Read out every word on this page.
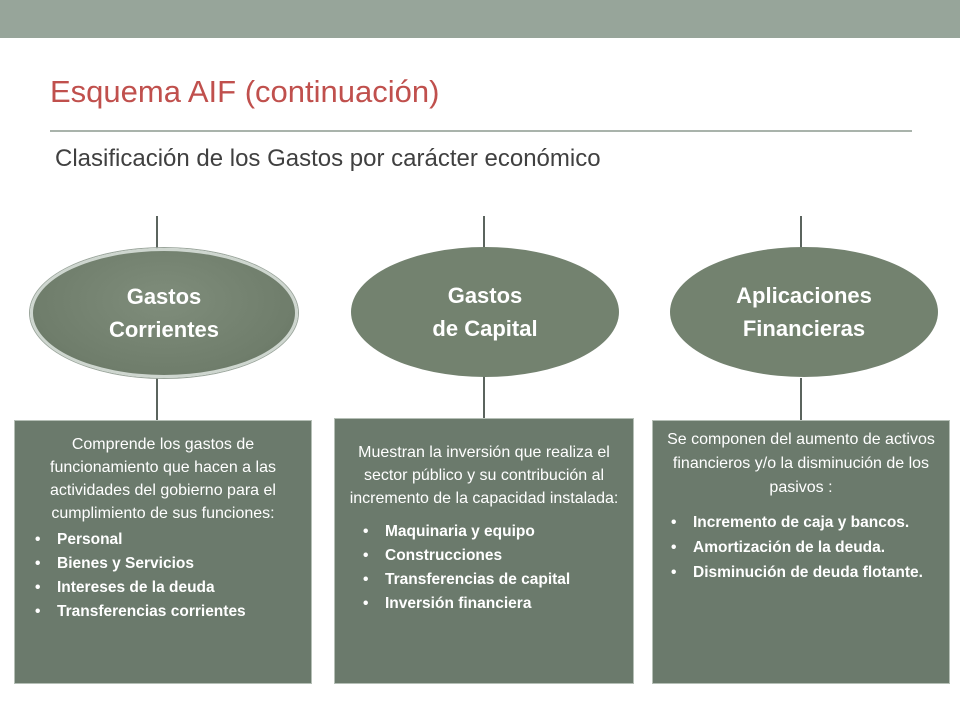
Esquema AIF (continuación)
Clasificación de los Gastos por carácter económico
Gastos
Corrientes
Gastos
de Capital
Aplicaciones
Financieras
Comprende los gastos de funcionamiento que hacen a las actividades del gobierno para el cumplimiento de sus funciones:
• Personal
• Bienes y Servicios
• Intereses de la deuda
• Transferencias corrientes
Muestran la inversión que realiza el sector público y su contribución al incremento de la capacidad instalada:
• Maquinaria y equipo
• Construcciones
• Transferencias de capital
• Inversión financiera
Se componen del aumento de activos financieros y/o la disminución de los pasivos :
• Incremento de caja y bancos.
• Amortización de la deuda.
• Disminución de deuda flotante.
